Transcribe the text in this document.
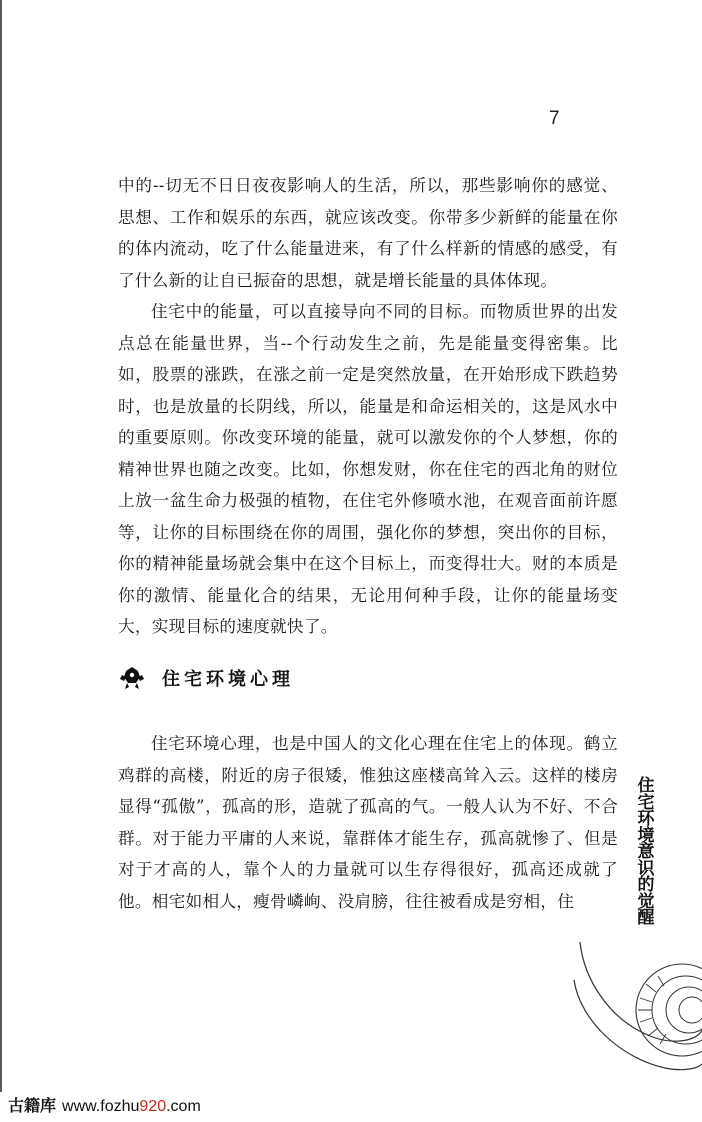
7

中的--切无不日日夜夜影响人的生活，所以，那些影响你的感觉、思想、工作和娱乐的东西，就应该改变。你带多少新鲜的能量在你的体内流动，吃了什么能量进来，有了什么样新的情感的感受，有了什么新的让自已振奋的思想，就是增长能量的具体体现。

住宅中的能量，可以直接导向不同的目标。而物质世界的出发点总在能量世界，当--个行动发生之前，先是能量变得密集。比如，股票的涨跌，在涨之前一定是突然放量，在开始形成下跌趋势时，也是放量的长阴线，所以，能量是和命运相关的，这是风水中的重要原则。你改变环境的能量，就可以激发你的个人梦想，你的精神世界也随之改变。比如，你想发财，你在住宅的西北角的财位上放一盆生命力极强的植物，在住宅外修喷水池，在观音面前许愿等，让你的目标围绕在你的周围，强化你的梦想，突出你的目标，你的精神能量场就会集中在这个目标上，而变得壮大。财的本质是你的激情、能量化合的结果，无论用何种手段，让你的能量场变大，实现目标的速度就快了。

住宅环境心理

住宅环境心理，也是中国人的文化心理在住宅上的体现。鹤立鸡群的高楼，附近的房子很矮，惟独这座楼高耸入云。这样的楼房显得“孤傲”，孤高的形，造就了孤高的气。一般人认为不好、不合群。对于能力平庸的人来说，靠群体才能生存，孤高就惨了、但是对于才高的人，靠个人的力量就可以生存得很好，孤高还成就了他。相宅如相人，瘦骨嶙峋、没肩膀，往往被看成是穷相，住

住宅环境意识的觉醒
古籍库 www.fozhu920.com
